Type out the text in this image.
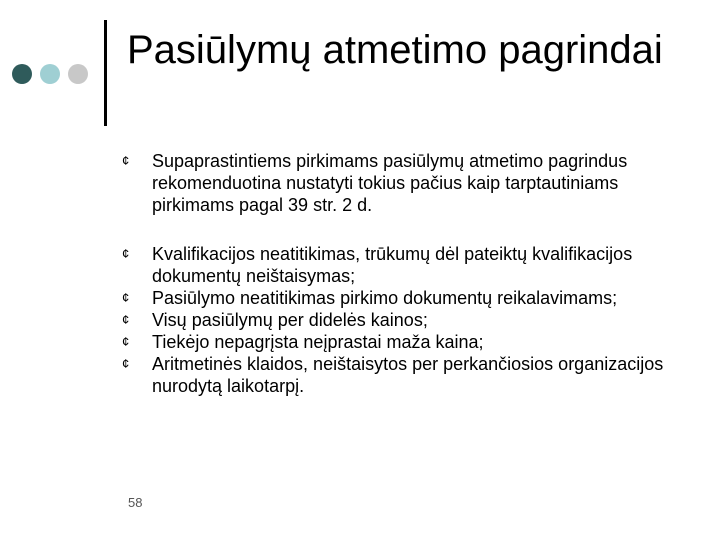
Pasiūlymų atmetimo pagrindai
¢ Supaprastintiems pirkimams pasiūlymų atmetimo pagrindus rekomenduotina nustatyti tokius pačius kaip tarptautiniams pirkimams pagal 39 str. 2 d.
¢ Kvalifikacijos neatitikimas, trūkumų dėl pateiktų kvalifikacijos dokumentų neištaisymas;
¢ Pasiūlymo neatitikimas pirkimo dokumentų reikalavimams;
¢ Visų pasiūlymų per didelės kainos;
¢ Tiekėjo nepagrįsta neįprastai maža kaina;
¢ Aritmetinės klaidos, neištaisytos per perkančiosios organizacijos nurodytą laikotarpį.
58
